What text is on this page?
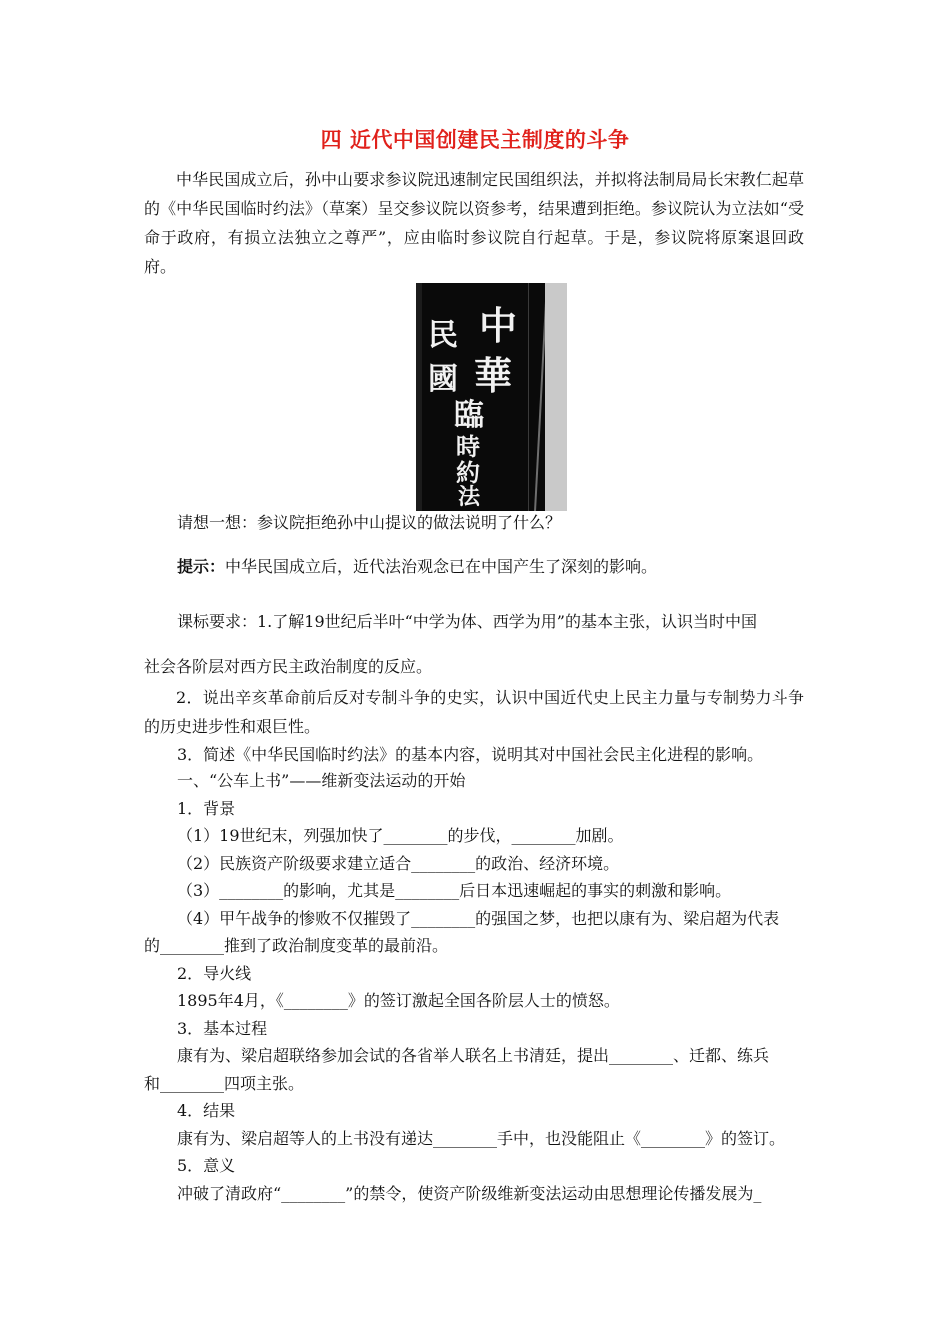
四 近代中国创建民主制度的斗争
中华民国成立后，孙中山要求参议院迅速制定民国组织法，并拟将法制局局长宋教仁起草的《中华民国临时约法》（草案）呈交参议院以资参考，结果遭到拒绝。参议院认为立法如“受命于政府，有损立法独立之尊严”，应由临时参议院自行起草。于是，参议院将原案退回政府。
中
民
華
國
臨
時
約
法
请想一想：参议院拒绝孙中山提议的做法说明了什么？
提示：中华民国成立后，近代法治观念已在中国产生了深刻的影响。
课标要求：1.了解19世纪后半叶“中学为体、西学为用”的基本主张，认识当时中国
社会各阶层对西方民主政治制度的反应。
2．说出辛亥革命前后反对专制斗争的史实，认识中国近代史上民主力量与专制势力斗争的历史进步性和艰巨性。
3．简述《中华民国临时约法》的基本内容，说明其对中国社会民主化进程的影响。
一、“公车上书”——维新变法运动的开始
1．背景
（1）19世纪末，列强加快了________的步伐，________加剧。
（2）民族资产阶级要求建立适合________的政治、经济环境。
（3）________的影响，尤其是________后日本迅速崛起的事实的刺激和影响。
（4）甲午战争的惨败不仅摧毁了________的强国之梦，也把以康有为、梁启超为代表
的________推到了政治制度变革的最前沿。
2．导火线
1895年4月，《________》的签订激起全国各阶层人士的愤怒。
3．基本过程
康有为、梁启超联络参加会试的各省举人联名上书清廷，提出________、迁都、练兵
和________四项主张。
4．结果
康有为、梁启超等人的上书没有递达________手中，也没能阻止《________》的签订。
5．意义
冲破了清政府“________”的禁令，使资产阶级维新变法运动由思想理论传播发展为_
